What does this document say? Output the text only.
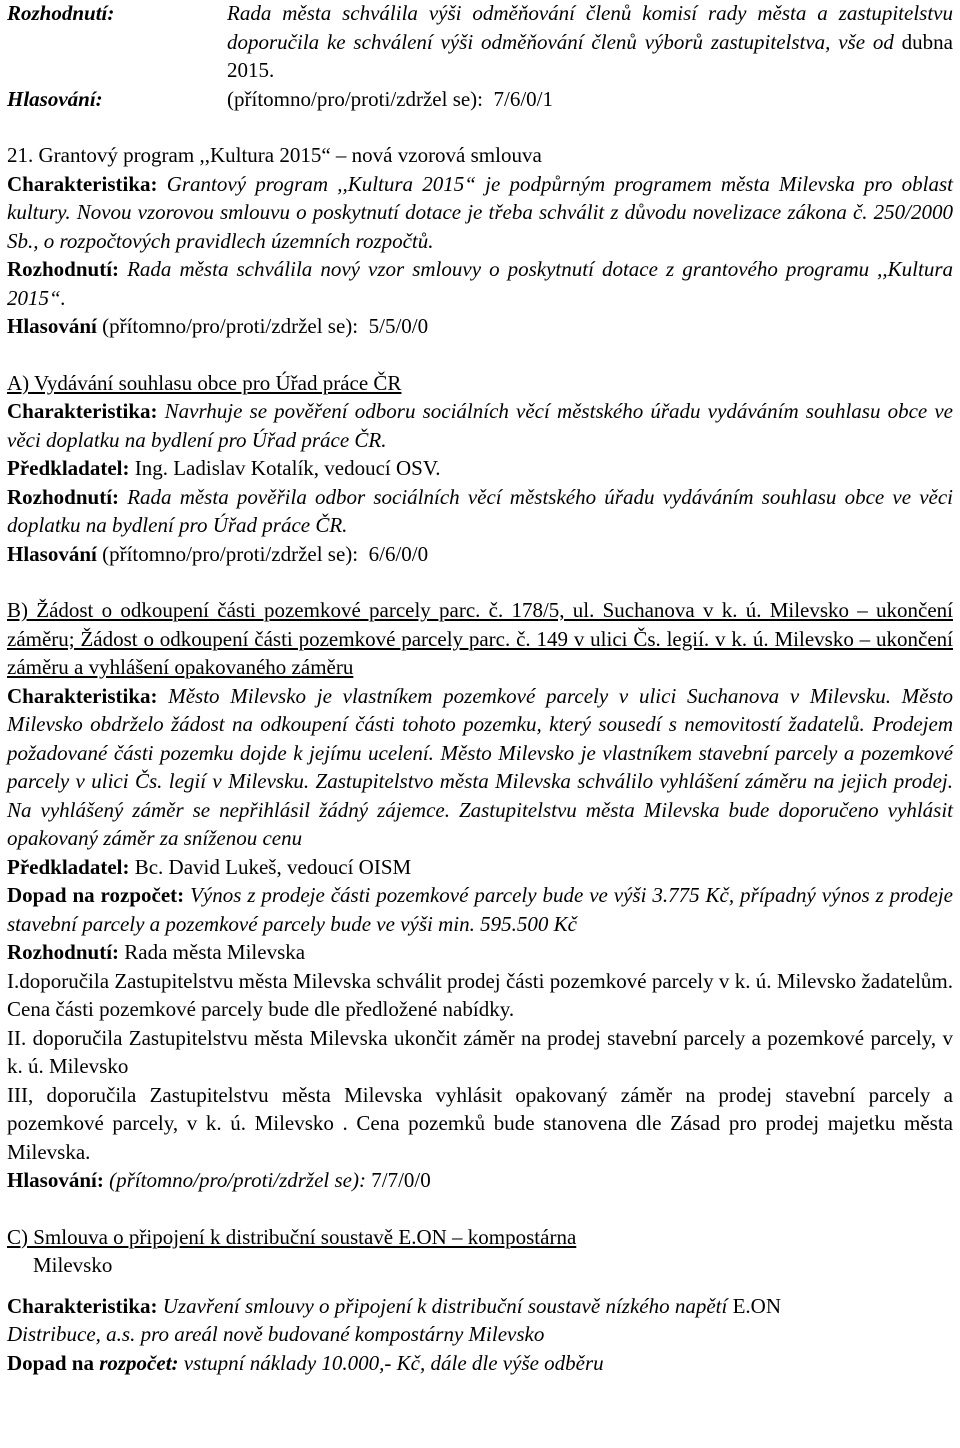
Rozhodnutí:	Rada města schválila výši odměňování členů komisí rady města a zastupitelstvu doporučila ke schválení výši odměňování členů výborů zastupitelstva, vše od dubna 2015.
Hlasování:	(přítomno/pro/proti/zdržel se): 7/6/0/1

21. Grantový program ,,Kultura 2015“ – nová vzorová smlouva

Charakteristika: Grantový program ,,Kultura 2015“ je podpůrným programem města Milevska pro oblast kultury. Novou vzorovou smlouvu o poskytnutí dotace je třeba schválit z důvodu novelizace zákona č. 250/2000 Sb., o rozpočtových pravidlech územních rozpočtů.

Rozhodnutí: Rada města schválila nový vzor smlouvy o poskytnutí dotace z grantového programu ,,Kultura 2015“.

Hlasování (přítomno/pro/proti/zdržel se): 5/5/0/0

A) Vydávání souhlasu obce pro Úřad práce ČR

Charakteristika: Navrhuje se pověření odboru sociálních věcí městského úřadu vydáváním souhlasu obce ve věci doplatku na bydlení pro Úřad práce ČR.

Předkladatel: Ing. Ladislav Kotalík, vedoucí OSV.

Rozhodnutí: Rada města pověřila odbor sociálních věcí městského úřadu vydáváním souhlasu obce ve věci doplatku na bydlení pro Úřad práce ČR.

Hlasování (přítomno/pro/proti/zdržel se): 6/6/0/0

B) Žádost o odkoupení části pozemkové parcely parc. č. 178/5, ul. Suchanova v k. ú. Milevsko – ukončení záměru; Žádost o odkoupení části pozemkové parcely parc. č. 149 v ulici Čs. legií. v k. ú. Milevsko – ukončení záměru a vyhlášení opakovaného záměru

Charakteristika: Město Milevsko je vlastníkem pozemkové parcely v ulici Suchanova v Milevsku. Město Milevsko obdrželo žádost na odkoupení části tohoto pozemku, který sousedí s nemovitostí žadatelů. Prodejem požadované části pozemku dojde k jejímu ucelení. Město Milevsko je vlastníkem stavební parcely a pozemkové parcely v ulici Čs. legií v Milevsku. Zastupitelstvo města Milevska schválilo vyhlášení záměru na jejich prodej. Na vyhlášený záměr se nepřihlásil žádný zájemce. Zastupitelstvu města Milevska bude doporučeno vyhlásit opakovaný záměr za sníženou cenu

Předkladatel: Bc. David Lukeš, vedoucí OISM

Dopad na rozpočet: Výnos z prodeje části pozemkové parcely bude ve výši 3.775 Kč, případný výnos z prodeje stavební parcely a pozemkové parcely bude ve výši min. 595.500 Kč

Rozhodnutí: Rada města Milevska

I.doporučila Zastupitelstvu města Milevska schválit prodej části pozemkové parcely v k. ú. Milevsko žadatelům. Cena části pozemkové parcely bude dle předložené nabídky.

II. doporučila Zastupitelstvu města Milevska ukončit záměr na prodej stavební parcely a pozemkové parcely, v k. ú. Milevsko

III, doporučila Zastupitelstvu města Milevska vyhlásit opakovaný záměr na prodej stavební parcely a pozemkové parcely, v k. ú. Milevsko . Cena pozemků bude stanovena dle Zásad pro prodej majetku města Milevska.

Hlasování: (přítomno/pro/proti/zdržel se): 7/7/0/0

C) Smlouva o připojení k distribuční soustavě E.ON – kompostárna

Milevsko

Charakteristika: Uzavření smlouvy o připojení k distribuční soustavě nízkého napětí E.ON

Distribuce, a.s. pro areál nově budované kompostárny Milevsko

Dopad na rozpočet: vstupní náklady 10.000,- Kč, dále dle výše odběru
